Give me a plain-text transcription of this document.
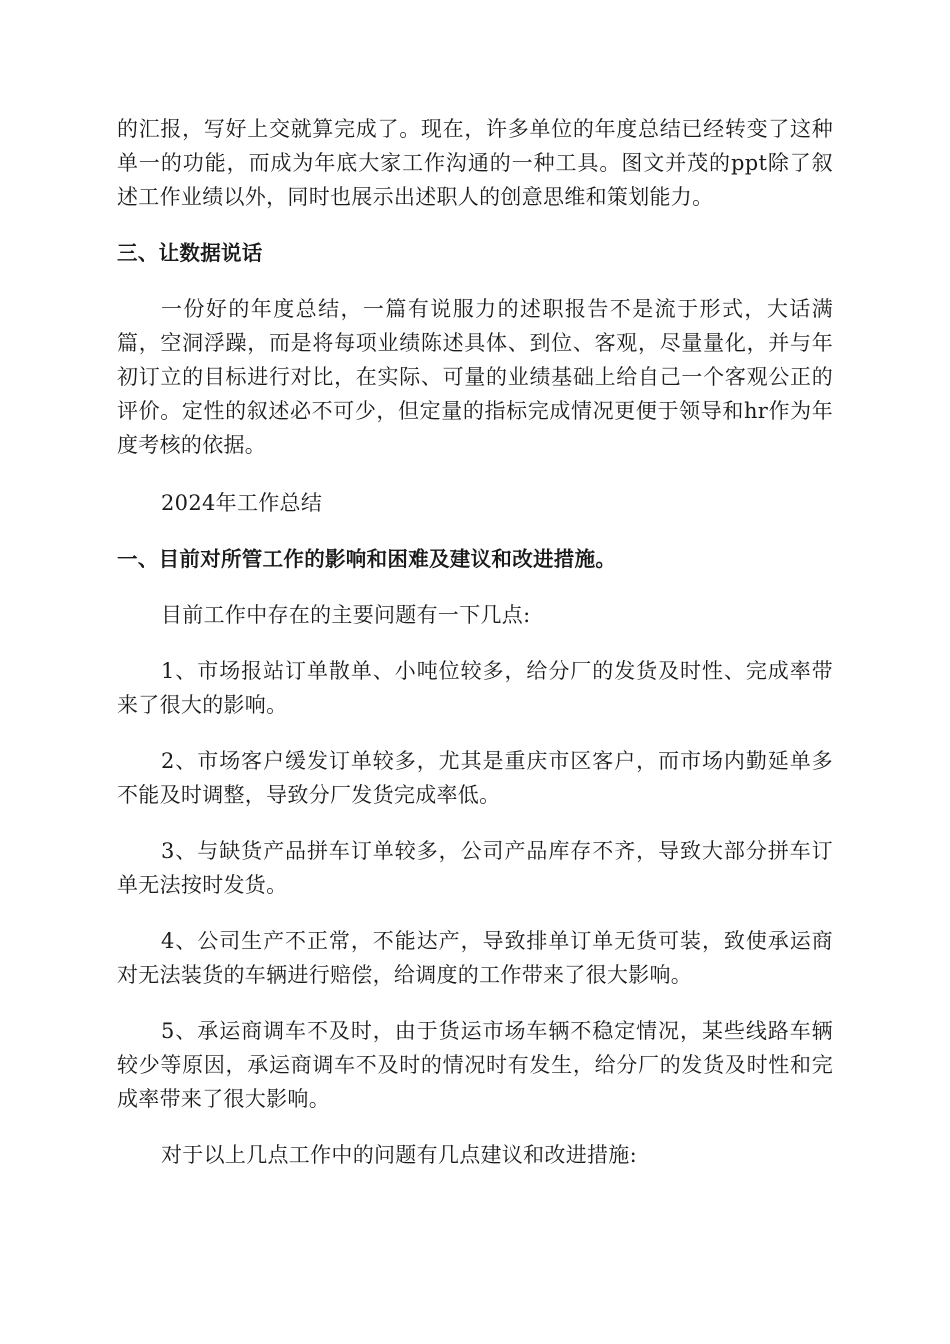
的汇报，写好上交就算完成了。现在，许多单位的年度总结已经转变了这种单一的功能，而成为年底大家工作沟通的一种工具。图文并茂的ppt除了叙述工作业绩以外，同时也展示出述职人的创意思维和策划能力。

三、让数据说话

一份好的年度总结，一篇有说服力的述职报告不是流于形式，大话满篇，空洞浮躁，而是将每项业绩陈述具体、到位、客观，尽量量化，并与年初订立的目标进行对比，在实际、可量的业绩基础上给自己一个客观公正的评价。定性的叙述必不可少，但定量的指标完成情况更便于领导和hr作为年度考核的依据。

2024年工作总结

一、目前对所管工作的影响和困难及建议和改进措施。

目前工作中存在的主要问题有一下几点:

1、市场报站订单散单、小吨位较多，给分厂的发货及时性、完成率带来了很大的影响。

2、市场客户缓发订单较多，尤其是重庆市区客户，而市场内勤延单多不能及时调整，导致分厂发货完成率低。

3、与缺货产品拼车订单较多，公司产品库存不齐，导致大部分拼车订单无法按时发货。

4、公司生产不正常，不能达产，导致排单订单无货可装，致使承运商对无法装货的车辆进行赔偿，给调度的工作带来了很大影响。

5、承运商调车不及时，由于货运市场车辆不稳定情况，某些线路车辆较少等原因，承运商调车不及时的情况时有发生，给分厂的发货及时性和完成率带来了很大影响。

对于以上几点工作中的问题有几点建议和改进措施:
